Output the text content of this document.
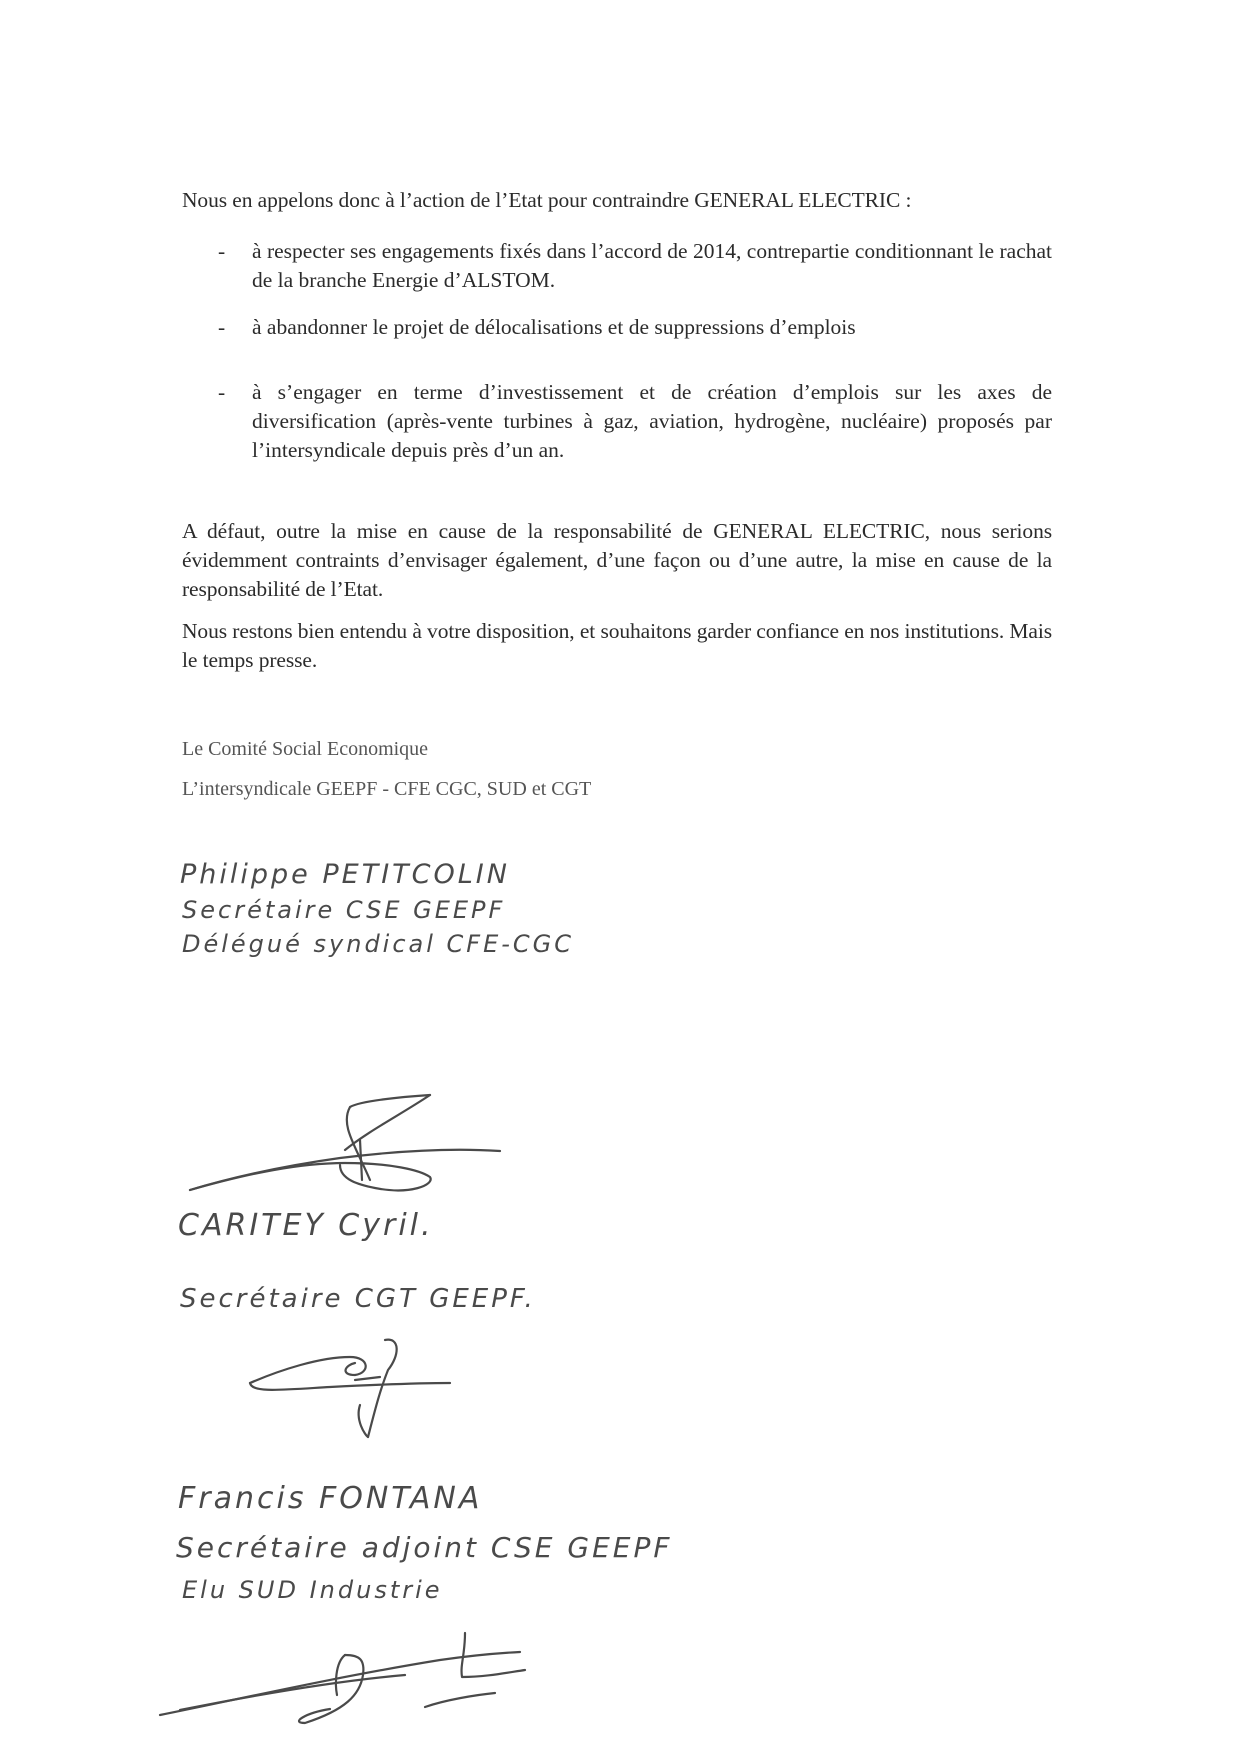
Nous en appelons donc à l’action de l’Etat pour contraindre GENERAL ELECTRIC :
- à respecter ses engagements fixés dans l’accord de 2014, contrepartie conditionnant le rachat de la branche Energie d’ALSTOM.
- à abandonner le projet de délocalisations et de suppressions d’emplois
- à s’engager en terme d’investissement et de création d’emplois sur les axes de diversification (après-vente turbines à gaz, aviation, hydrogène, nucléaire) proposés par l’intersyndicale depuis près d’un an.
A défaut, outre la mise en cause de la responsabilité de GENERAL ELECTRIC, nous serions évidemment contraints d’envisager également, d’une façon ou d’une autre, la mise en cause de la responsabilité de l’Etat.
Nous restons bien entendu à votre disposition, et souhaitons garder confiance en nos institutions. Mais le temps presse.
Le Comité Social Economique
L’intersyndicale GEEPF - CFE CGC, SUD et CGT
Philippe PETITCOLIN
Secrétaire CSE GEEPF
Délégué syndical CFE-CGC
CARITEY Cyril.
Secrétaire CGT GEEPF.
Francis FONTANA
Secrétaire adjoint CSE GEEPF
Elu SUD Industrie
